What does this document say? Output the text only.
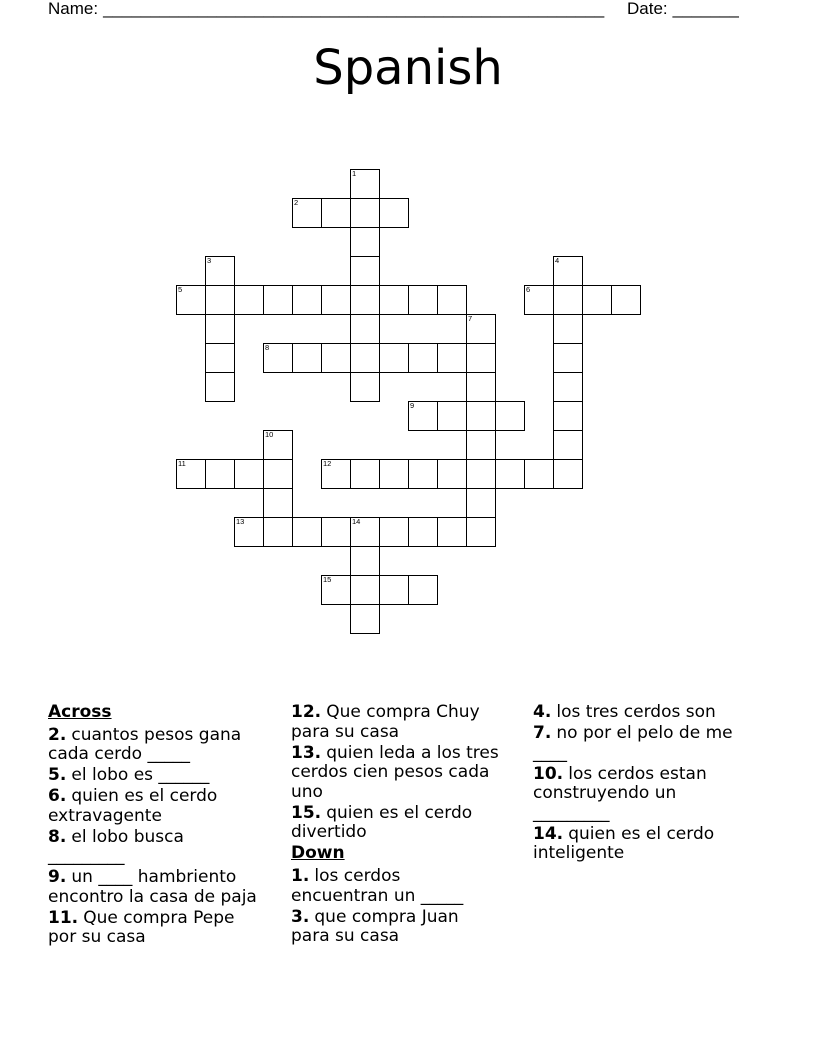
Name: _____________________________________________________ Date: _______
Spanish
1
2
3	4
5	6
7
8
9
10
11	12
13	14
15
Across
2. cuantos pesos gana
cada cerdo _____
5. el lobo es ______
6. quien es el cerdo
extravagente
8. el lobo busca
_________
9. un ____ hambriento
encontro la casa de paja
11. Que compra Pepe
por su casa
12. Que compra Chuy
para su casa
13. quien leda a los tres
cerdos cien pesos cada
uno
15. quien es el cerdo
divertido
Down
1. los cerdos
encuentran un _____
3. que compra Juan
para su casa
4. los tres cerdos son
7. no por el pelo de me
____
10. los cerdos estan
construyendo un
_________
14. quien es el cerdo
inteligente
